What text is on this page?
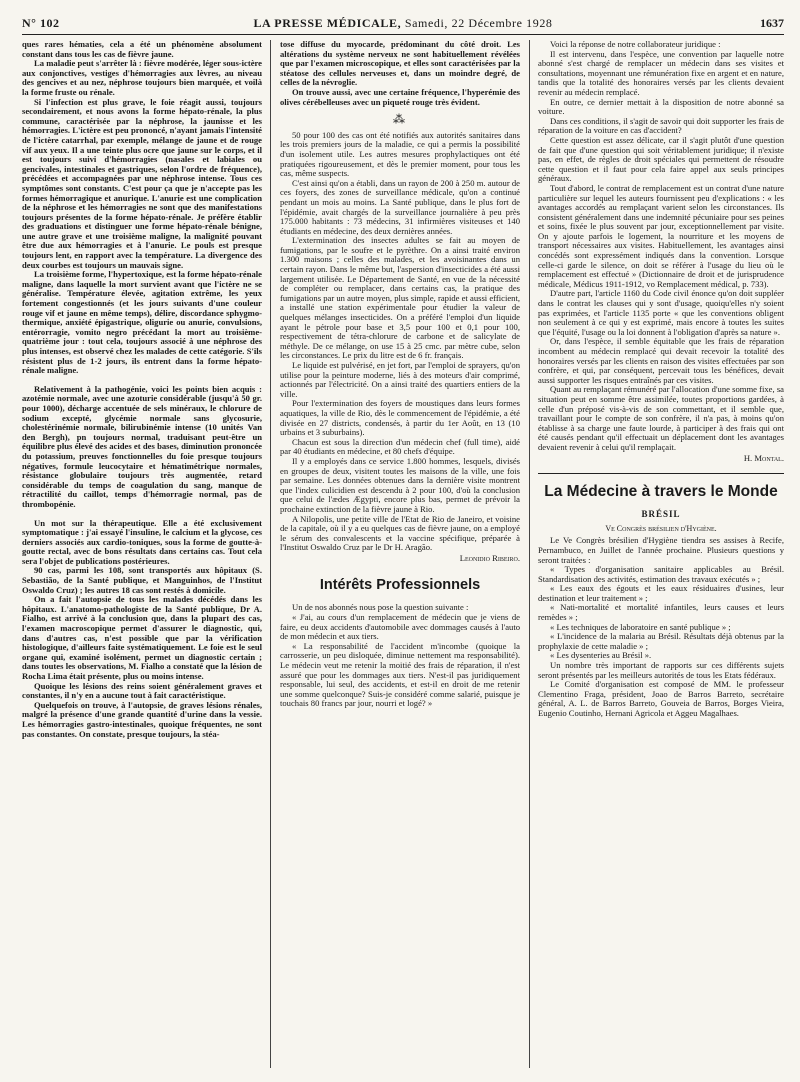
N° 102	LA PRESSE MÉDICALE, Samedi, 22 Décembre 1928	1637

ques rares hématies, cela a été un phénomène absolument constant dans tous les cas de fièvre jaune.

La maladie peut s'arrêter là : fièvre modérée, léger sous-ictère aux conjonctives, vestiges d'hémorragies aux lèvres, au niveau des gencives et au nez, néphrose toujours bien marquée, et voilà la forme fruste ou rénale.

Si l'infection est plus grave, le foie réagit aussi, toujours secondairement, et nous avons la forme hépato-rénale, la plus commune, caractérisée par la néphrose, la jaunisse et les hémorragies. L'ictère est peu prononcé, n'ayant jamais l'intensité de l'ictère catarrhal, par exemple, mélange de jaune et de rouge vif aux yeux. Il a une teinte plus ocre que jaune sur le corps, et il est toujours suivi d'hémorragies (nasales et labiales ou gencivales, intestinales et gastriques, selon l'ordre de fréquence), précédées et accompagnées par une néphrose intense. Tous ces symptômes sont constants. C'est pour ça que je n'accepte pas les formes hémorragique et anurique. L'anurie est une complication de la néphrose et les hémorragies ne sont que des manifestations toujours présentes de la forme hépato-rénale. Je préfère établir des graduations et distinguer une forme hépato-rénale bénigne, une autre grave et une troisième maligne, la malignité pouvant être due aux hémorragies et à l'anurie. Le pouls est presque toujours lent, en rapport avec la température. La divergence des deux courbes est toujours un mauvais signe.

La troisième forme, l'hypertoxique, est la forme hépato-rénale maligne, dans laquelle la mort survient avant que l'ictère ne se généralise. Température élevée, agitation extrême, les yeux fortement congestionnés (et les jours suivants d'une couleur rouge vif et jaune en même temps), délire, discordance sphygmo-thermique, anxiété épigastrique, oligurie ou anurie, convulsions, entérorragie, vomito negro précédant la mort au troisième-quatrième jour : tout cela, toujours associé à une néphrose des plus intenses, est observé chez les malades de cette catégorie. S'ils résistent plus de 1-2 jours, ils entrent dans la forme hépato-rénale maligne.

Relativement à la pathogénie, voici les points bien acquis : azotémie normale, avec une azoturie considérable (jusqu'à 50 gr. pour 1000), décharge accentuée de sels minéraux, le chlorure de sodium excepté, glycémie normale sans glycosurie, cholestérinémie normale, bilirubinémie intense (10 unités Van den Bergh), pn toujours normal, traduisant peut-être un équilibre plus élevé des acides et des bases, diminution prononcée du potassium, preuves fonctionnelles du foie presque toujours négatives, formule leucocytaire et hématimétrique normales, résistance globulaire toujours très augmentée, retard considérable du temps de coagulation du sang, manque de rétractilité du caillot, temps d'hémorragie normal, pas de thrombopénie.

Un mot sur la thérapeutique. Elle a été exclusivement symptomatique : j'ai essayé l'insuline, le calcium et la glycose, ces derniers associés aux cardio-toniques, sous la forme de goutte-à-goutte rectal, avec de bons résultats dans certains cas. Tout cela sera l'objet de publications postérieures.

90 cas, parmi les 108, sont transportés aux hôpitaux (S. Sebastião, de la Santé publique, et Manguinhos, de l'Institut Oswaldo Cruz) ; les autres 18 cas sont restés à domicile.

On a fait l'autopsie de tous les malades décédés dans les hôpitaux. L'anatomo-pathologiste de la Santé publique, Dr A. Fialho, est arrivé à la conclusion que, dans la plupart des cas, l'examen macroscopique permet d'assurer le diagnostic, qui, dans d'autres cas, n'est possible que par la vérification histologique, d'ailleurs faite systématiquement. Le foie est le seul organe qui, examiné isolément, permet un diagnostic certain ; dans toutes les observations, M. Fialho a constaté que la lésion de Rocha Lima était présente, plus ou moins intense.

Quoique les lésions des reins soient généralement graves et constantes, il n'y en a aucune tout à fait caractéristique.

Quelquefois on trouve, à l'autopsie, de graves lésions rénales, malgré la présence d'une grande quantité d'urine dans la vessie. Les hémorragies gastro-intestinales, quoique fréquentes, ne sont pas constantes. On constate, presque toujours, la stéa-

tose diffuse du myocarde, prédominant du côté droit. Les altérations du système nerveux ne sont habituellement révélées que par l'examen microscopique, et elles sont caractérisées par la stéatose des cellules nerveuses et, dans un moindre degré, de celles de la névroglie.

On trouve aussi, avec une certaine fréquence, l'hyperémie des olives cérébelleuses avec un piqueté rouge très évident.

⁂

50 pour 100 des cas ont été notifiés aux autorités sanitaires dans les trois premiers jours de la maladie, ce qui a permis la possibilité d'un isolement utile. Les autres mesures prophylactiques ont été pratiquées rigoureusement, et dès le premier moment, pour tous les cas, même suspects.

C'est ainsi qu'on a établi, dans un rayon de 200 à 250 m. autour de ces foyers, des zones de surveillance médicale, qu'on a continué pendant un mois au moins. La Santé publique, dans le plus fort de l'épidémie, avait chargés de la surveillance journalière à peu près 175.000 habitants : 73 médecins, 31 infirmières visiteuses et 140 étudiants en médecine, des deux dernières années.

L'extermination des insectes adultes se fait au moyen de fumigations, par le soufre et le pyrèthre. On a ainsi traité environ 1.300 maisons ; celles des malades, et les avoisinantes dans un certain rayon. Dans le même but, l'aspersion d'insecticides a été aussi largement utilisée. Le Département de Santé, en vue de la nécessité de compléter ou remplacer, dans certains cas, la pratique des fumigations par un autre moyen, plus simple, rapide et aussi efficient, a installé une station expérimentale pour étudier la valeur de quelques mélanges insecticides. On a préféré l'emploi d'un liquide ayant le pétrole pour base et 3,5 pour 100 et 0,1 pour 100, respectivement de tétra-chlorure de carbone et de salicylate de méthyle. De ce mélange, on use 15 à 25 cmc. par mètre cube, selon les circonstances. Le prix du litre est de 6 fr. français.

Le liquide est pulvérisé, en jet fort, par l'emploi de sprayers, qu'on utilise pour la peinture moderne, liés à des moteurs d'air comprimé, actionnés par l'électricité. On a ainsi traité des quartiers entiers de la ville.

Pour l'extermination des foyers de moustiques dans leurs formes aquatiques, la ville de Rio, dès le commencement de l'épidémie, a été divisée en 27 districts, condensés, à partir du 1er Août, en 13 (10 urbains et 3 suburbains).

Chacun est sous la direction d'un médecin chef (full time), aidé par 40 étudiants en médecine, et 80 chefs d'équipe.

Il y a employés dans ce service 1.800 hommes, lesquels, divisés en groupes de deux, visitent toutes les maisons de la ville, une fois par semaine. Les données obtenues dans la dernière visite montrent que l'index culicidien est descendu à 2 pour 100, d'où la conclusion que celui de l'ædes Ægypti, encore plus bas, permet de prévoir la prochaine extinction de la fièvre jaune à Rio.

A Nilopolis, une petite ville de l'Etat de Rio de Janeiro, et voisine de la capitale, où il y a eu quelques cas de fièvre jaune, on a employé le sérum des convalescents et la vaccine spécifique, préparée à l'Institut Oswaldo Cruz par le Dr H. Aragão.

Leonidio Ribeiro.
Intérêts Professionnels

Un de nos abonnés nous pose la question suivante :

« J'ai, au cours d'un remplacement de médecin que je viens de faire, eu deux accidents d'automobile avec dommages causés à l'auto de mon médecin et aux tiers.

« La responsabilité de l'accident m'incombe (quoique la carrosserie, un peu disloquée, diminue nettement ma responsabilité). Le médecin veut me retenir la moitié des frais de réparation, il n'est assuré que pour les dommages aux tiers. N'est-il pas juridiquement responsable, lui seul, des accidents, et est-il en droit de me retenir une somme quelconque? Suis-je considéré comme salarié, puisque je touchais 80 francs par jour, nourri et logé? »

Voici la réponse de notre collaborateur juridique :

Il est intervenu, dans l'espèce, une convention par laquelle notre abonné s'est chargé de remplacer un médecin dans ses visites et consultations, moyennant une rémunération fixe en argent et en nature, tandis que la totalité des honoraires versés par les clients devaient revenir au médecin remplacé.

En outre, ce dernier mettait à la disposition de notre abonné sa voiture.

Dans ces conditions, il s'agit de savoir qui doit supporter les frais de réparation de la voiture en cas d'accident?

Cette question est assez délicate, car il s'agit plutôt d'une question de fait que d'une question qui soit véritablement juridique; il n'existe pas, en effet, de règles de droit spéciales qui permettent de résoudre cette question et il faut pour cela faire appel aux seuls principes généraux.

Tout d'abord, le contrat de remplacement est un contrat d'une nature particulière sur lequel les auteurs fournissent peu d'explications : « les avantages accordés au remplaçant varient selon les circonstances. Ils consistent généralement dans une indemnité pécuniaire pour ses peines et soins, fixée le plus souvent par jour, exceptionnellement par visite. On y ajoute parfois le logement, la nourriture et les moyens de transport nécessaires aux visites. Habituellement, les avantages ainsi concédés sont expressément indiqués dans la convention. Lorsque celle-ci garde le silence, on doit se référer à l'usage du lieu où le remplacement est effectué » (Dictionnaire de droit et de jurisprudence médicale, Médicus 1911-1912, vo Remplacement médical, p. 733).

D'autre part, l'article 1160 du Code civil énonce qu'on doit suppléer dans le contrat les clauses qui y sont d'usage, quoiqu'elles n'y soient pas exprimées, et l'article 1135 porte « que les conventions obligent non seulement à ce qui y est exprimé, mais encore à toutes les suites que l'équité, l'usage ou la loi donnent à l'obligation d'après sa nature ».

Or, dans l'espèce, il semble équitable que les frais de réparation incombent au médecin remplacé qui devait recevoir la totalité des honoraires versés par les clients en raison des visites effectuées par son confrère, et qui, par conséquent, percevait tous les bénéfices, devait aussi supporter les risques entraînés par ces visites.

Quant au remplaçant rémunéré par l'allocation d'une somme fixe, sa situation peut en somme être assimilée, toutes proportions gardées, à celle d'un préposé vis-à-vis de son commettant, et il semble que, travaillant pour le compte de son confrère, il n'a pas, à moins qu'on établisse à sa charge une faute lourde, à participer à des frais qui ont été causés pendant qu'il effectuait un déplacement dont les avantages devaient revenir à celui qu'il remplaçait.

H. Montal.
La Médecine à travers le Monde
BRÉSIL
Ve Congrès brésilien d'Hygiène.

Le Ve Congrès brésilien d'Hygiène tiendra ses assises à Recife, Pernambuco, en Juillet de l'année prochaine. Plusieurs questions y seront traitées :

« Types d'organisation sanitaire applicables au Brésil. Standardisation des activités, estimation des travaux exécutés » ;

« Les eaux des égouts et les eaux résiduaires d'usines, leur destination et leur traitement » ;

« Nati-mortalité et mortalité infantiles, leurs causes et leurs remèdes » ;

« Les techniques de laboratoire en santé publique » ;

« L'incidence de la malaria au Brésil. Résultats déjà obtenus par la prophylaxie de cette maladie » ;

« Les dysenteries au Brésil ».

Un nombre très important de rapports sur ces différents sujets seront présentés par les meilleurs autorités de tous les Etats fédéraux.

Le Comité d'organisation est composé de MM. le professeur Clementino Fraga, président, Joao de Barros Barreto, secrétaire général, A. L. de Barros Barreto, Gouveia de Barros, Borges Vieira, Eugenio Coutinho, Hernani Agricola et Aggeu Magalhaes.
